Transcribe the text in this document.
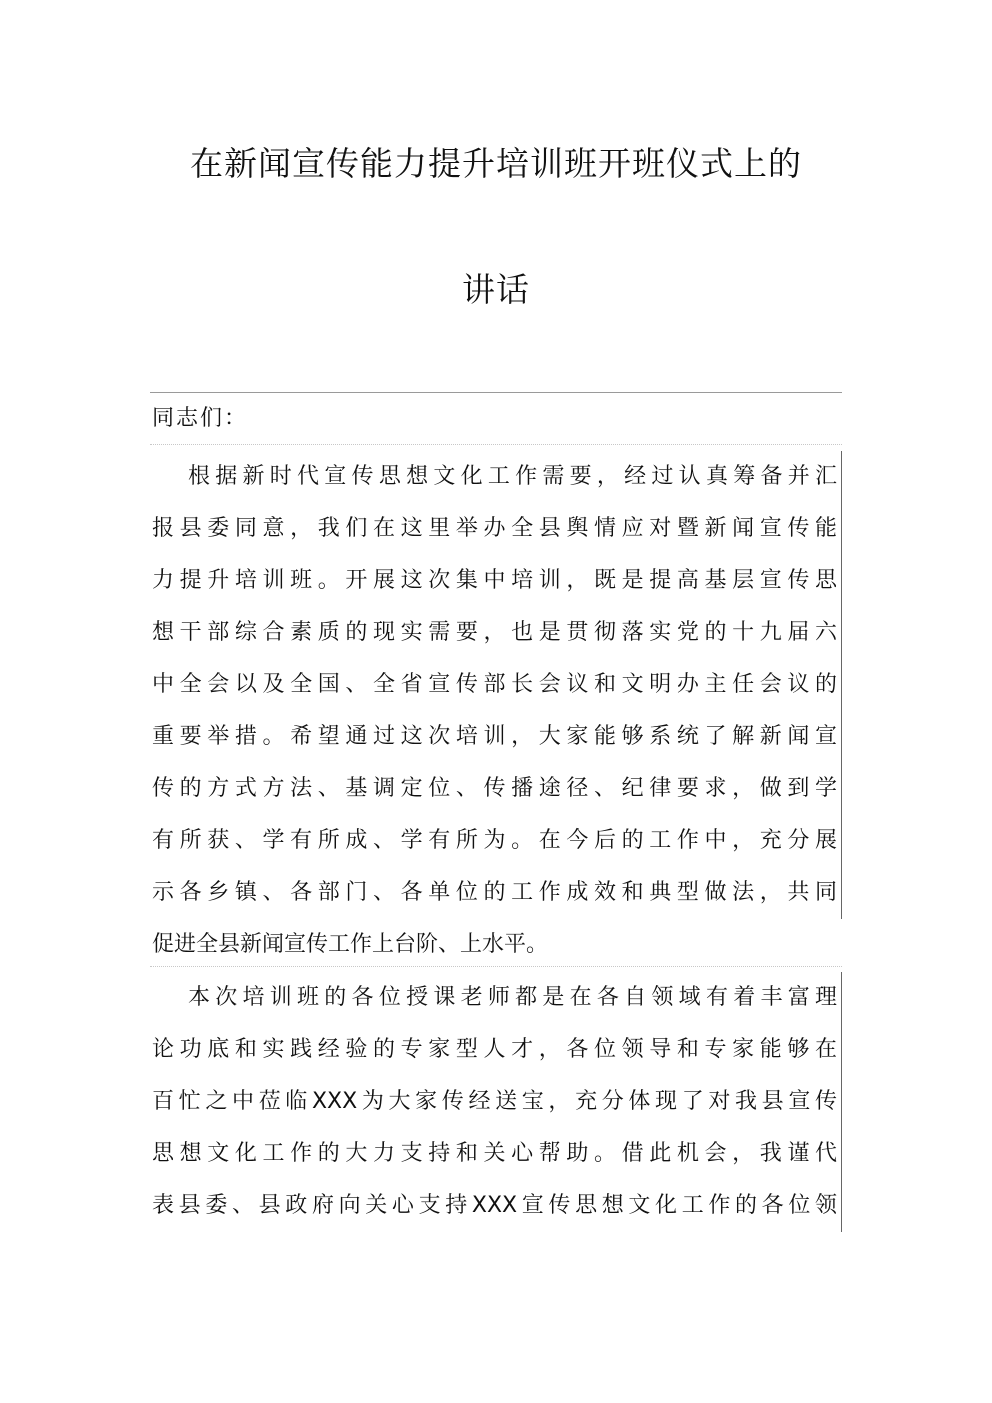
在新闻宣传能力提升培训班开班仪式上的
讲话
同志们：
根据新时代宣传思想文化工作需要，经过认真筹备并汇
报县委同意，我们在这里举办全县舆情应对暨新闻宣传能
力提升培训班。开展这次集中培训，既是提高基层宣传思
想干部综合素质的现实需要，也是贯彻落实党的十九届六
中全会以及全国、全省宣传部长会议和文明办主任会议的
重要举措。希望通过这次培训，大家能够系统了解新闻宣
传的方式方法、基调定位、传播途径、纪律要求，做到学
有所获、学有所成、学有所为。在今后的工作中，充分展
示各乡镇、各部门、各单位的工作成效和典型做法，共同
促进全县新闻宣传工作上台阶、上水平。
本次培训班的各位授课老师都是在各自领域有着丰富理
论功底和实践经验的专家型人才，各位领导和专家能够在
百忙之中莅临XXX为大家传经送宝，充分体现了对我县宣传
思想文化工作的大力支持和关心帮助。借此机会，我谨代
表县委、县政府向关心支持XXX宣传思想文化工作的各位领
